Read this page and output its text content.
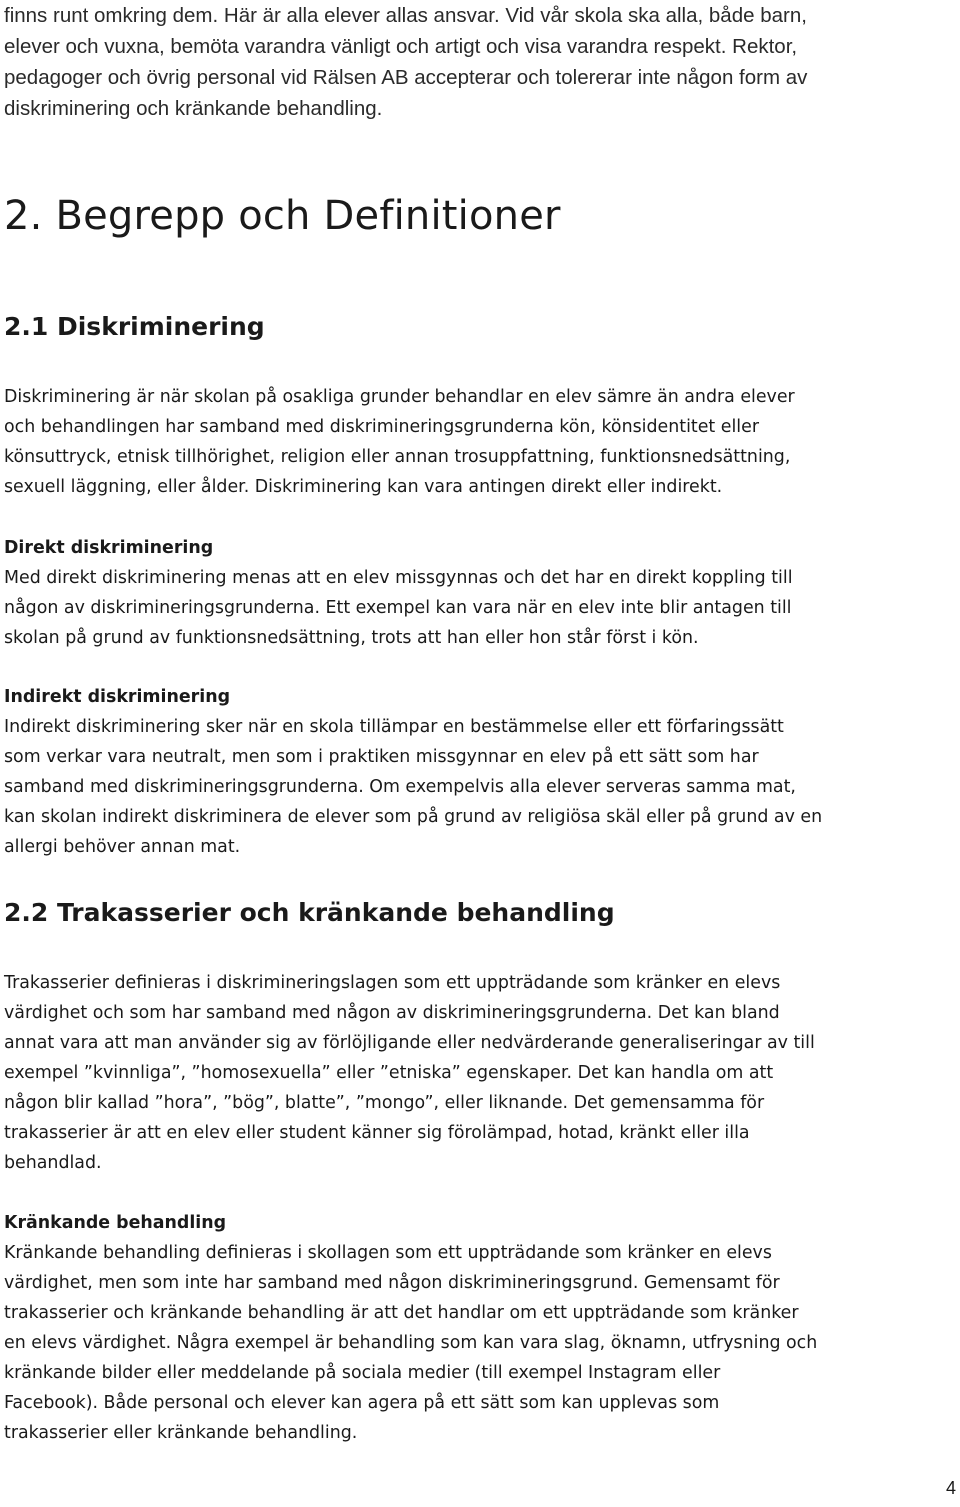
finns runt omkring dem. Här är alla elever allas ansvar. Vid vår skola ska alla, både barn,
elever och vuxna, bemöta varandra vänligt och artigt och visa varandra respekt. Rektor,
pedagoger och övrig personal vid Rälsen AB accepterar och tolererar inte någon form av
diskriminering och kränkande behandling.
2. Begrepp och Definitioner
2.1 Diskriminering
Diskriminering är när skolan på osakliga grunder behandlar en elev sämre än andra elever
och behandlingen har samband med diskrimineringsgrunderna kön, könsidentitet eller
könsuttryck, etnisk tillhörighet, religion eller annan trosuppfattning, funktionsnedsättning,
sexuell läggning, eller ålder. Diskriminering kan vara antingen direkt eller indirekt.
Direkt diskriminering
Med direkt diskriminering menas att en elev missgynnas och det har en direkt koppling till
någon av diskrimineringsgrunderna. Ett exempel kan vara när en elev inte blir antagen till
skolan på grund av funktionsnedsättning, trots att han eller hon står först i kön.
Indirekt diskriminering
Indirekt diskriminering sker när en skola tillämpar en bestämmelse eller ett förfaringssätt
som verkar vara neutralt, men som i praktiken missgynnar en elev på ett sätt som har
samband med diskrimineringsgrunderna. Om exempelvis alla elever serveras samma mat,
kan skolan indirekt diskriminera de elever som på grund av religiösa skäl eller på grund av en
allergi behöver annan mat.
2.2 Trakasserier och kränkande behandling
Trakasserier definieras i diskrimineringslagen som ett uppträdande som kränker en elevs
värdighet och som har samband med någon av diskrimineringsgrunderna. Det kan bland
annat vara att man använder sig av förlöjligande eller nedvärderande generaliseringar av till
exempel ”kvinnliga”, ”homosexuella” eller ”etniska” egenskaper. Det kan handla om att
någon blir kallad ”hora”, ”bög”, blatte”, ”mongo”, eller liknande. Det gemensamma för
trakasserier är att en elev eller student känner sig förolämpad, hotad, kränkt eller illa
behandlad.
Kränkande behandling
Kränkande behandling definieras i skollagen som ett uppträdande som kränker en elevs
värdighet, men som inte har samband med någon diskrimineringsgrund. Gemensamt för
trakasserier och kränkande behandling är att det handlar om ett uppträdande som kränker
en elevs värdighet. Några exempel är behandling som kan vara slag, öknamn, utfrysning och
kränkande bilder eller meddelande på sociala medier (till exempel Instagram eller
Facebook). Både personal och elever kan agera på ett sätt som kan upplevas som
trakasserier eller kränkande behandling.
4
